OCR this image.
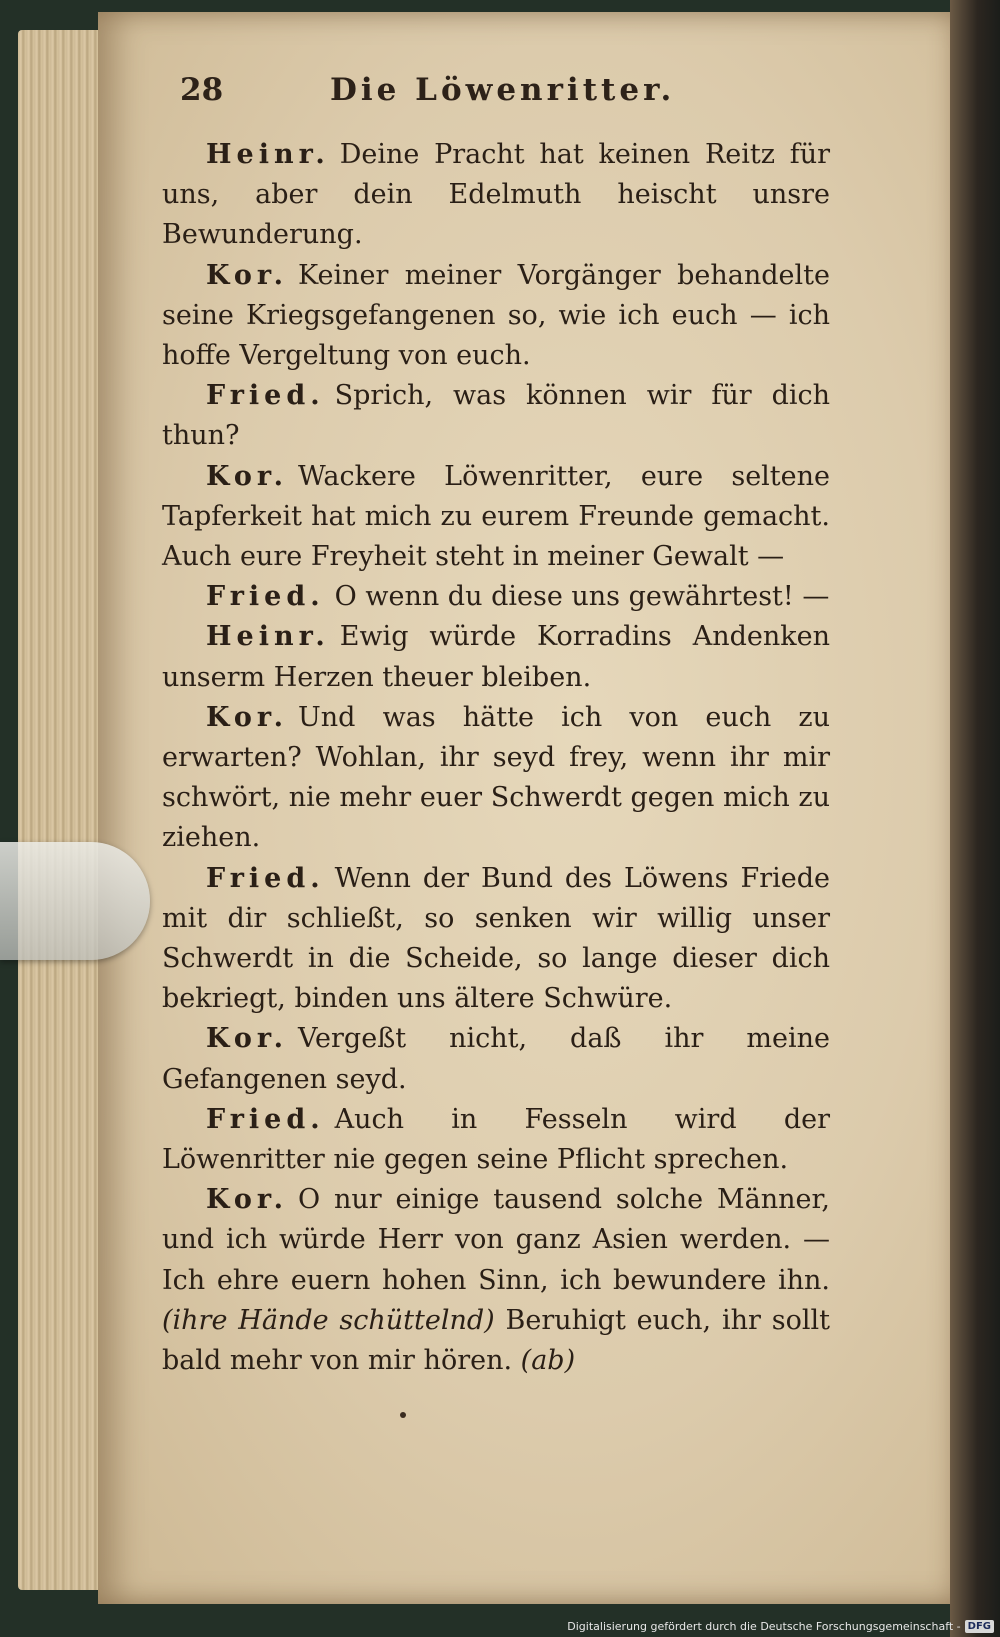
28	Die Löwenritter.

Heinr. Deine Pracht hat keinen Reitz für uns, aber dein Edelmuth heischt unsre Bewunderung.

Kor. Keiner meiner Vorgänger behandelte seine Kriegsgefangenen so, wie ich euch — ich hoffe Vergeltung von euch.

Fried. Sprich, was können wir für dich thun?

Kor. Wackere Löwenritter, eure seltene Tapferkeit hat mich zu eurem Freunde gemacht. Auch eure Freyheit steht in meiner Gewalt —

Fried. O wenn du diese uns gewährtest! —

Heinr. Ewig würde Korradins Andenken unserm Herzen theuer bleiben.

Kor. Und was hätte ich von euch zu erwarten? Wohlan, ihr seyd frey, wenn ihr mir schwört, nie mehr euer Schwerdt gegen mich zu ziehen.

Fried. Wenn der Bund des Löwens Friede mit dir schließt, so senken wir willig unser Schwerdt in die Scheide, so lange dieser dich bekriegt, binden uns ältere Schwüre.

Kor. Vergeßt nicht, daß ihr meine Gefangenen seyd.

Fried. Auch in Fesseln wird der Löwenritter nie gegen seine Pflicht sprechen.

Kor. O nur einige tausend solche Männer, und ich würde Herr von ganz Asien werden. — Ich ehre euern hohen Sinn, ich bewundere ihn. (ihre Hände schüttelnd) Beruhigt euch, ihr sollt bald mehr von mir hören. (ab)

Digitalisierung gefördert durch die Deutsche Forschungsgemeinschaft - DFG
